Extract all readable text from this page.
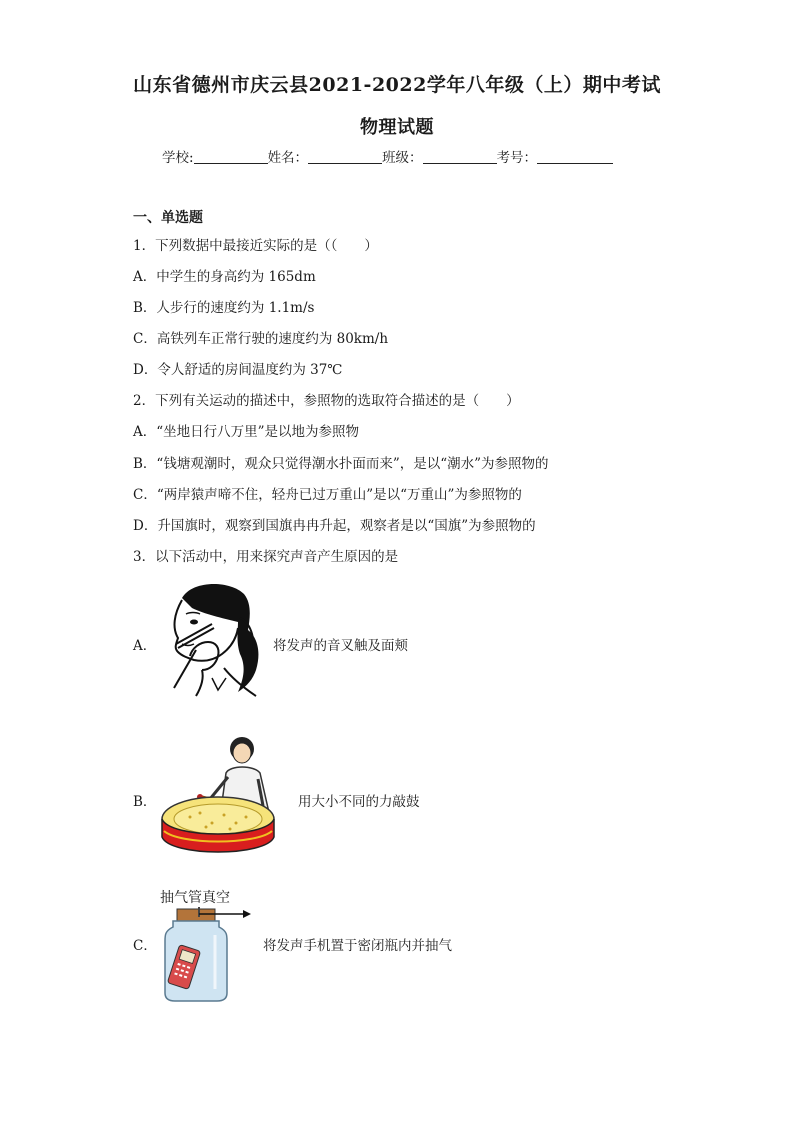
山东省德州市庆云县2021-2022学年八年级（上）期中考试
物理试题
学校:	姓名：	班级：	考号：
一、单选题
1．下列数据中最接近实际的是（（　　）
A．中学生的身高约为 165dm
B．人步行的速度约为 1.1m/s
C．高铁列车正常行驶的速度约为 80km/h
D．令人舒适的房间温度约为 37℃
2．下列有关运动的描述中，参照物的选取符合描述的是（　　）
A．“坐地日行八万里”是以地为参照物
B．“钱塘观潮时，观众只觉得潮水扑面而来”，是以“潮水”为参照物的
C．“两岸猿声啼不住，轻舟已过万重山”是以“万重山”为参照物的
D．升国旗时，观察到国旗冉冉升起，观察者是以“国旗”为参照物的
3．以下活动中，用来探究声音产生原因的是
A．	将发声的音叉触及面颊
B．	用大小不同的力敲鼓
抽气管真空
C．	将发声手机置于密闭瓶内并抽气
